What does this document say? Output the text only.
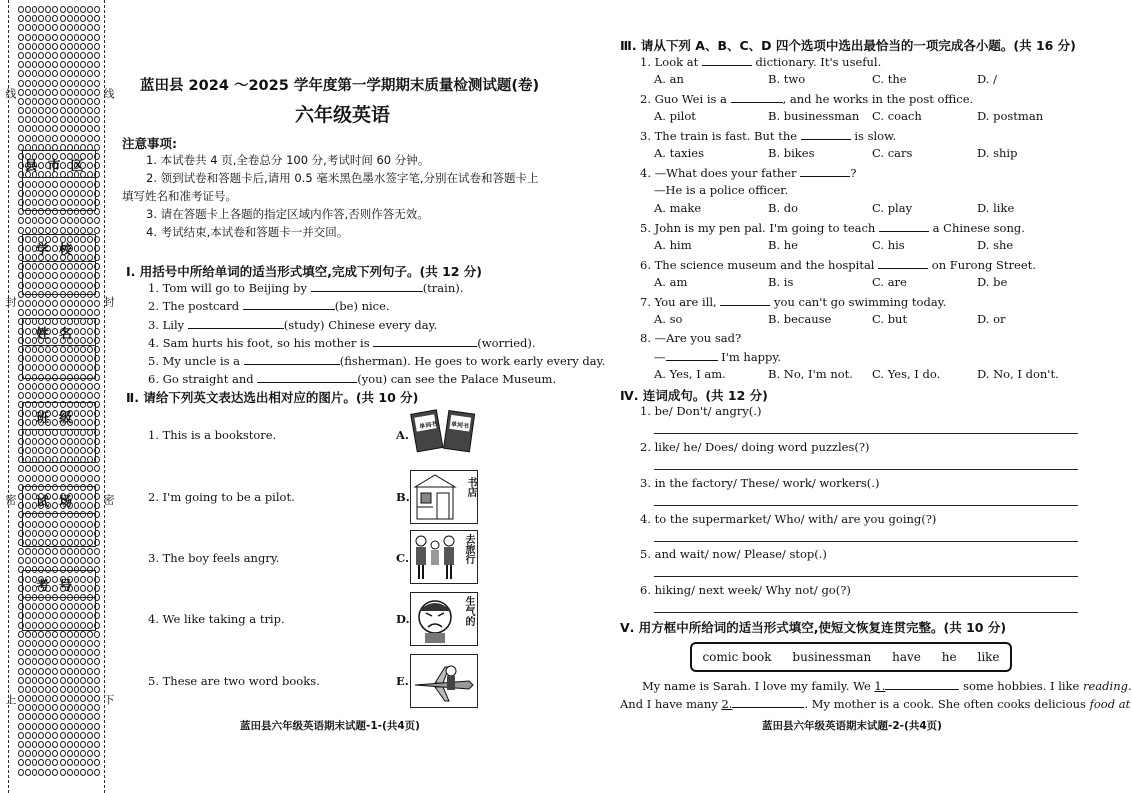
线
封
密
上
线
封
密
下
县市区
学校
姓名
班级
试场
考号
蓝田县 2024 ～2025 学年度第一学期期末质量检测试题(卷)
六年级英语
注意事项:
1. 本试卷共 4 页,全卷总分 100 分,考试时间 60 分钟。
2. 领到试卷和答题卡后,请用 0.5 毫米黑色墨水签字笔,分别在试卷和答题卡上
填写姓名和准考证号。
3. 请在答题卡上各题的指定区域内作答,否则作答无效。
4. 考试结束,本试卷和答题卡一并交回。
Ⅰ. 用括号中所给单词的适当形式填空,完成下列句子。(共 12 分)
1. Tom will go to Beijing by	(train).
2. The postcard	(be) nice.
3. Lily	(study) Chinese every day.
4. Sam hurts his foot, so his mother is	(worried).
5. My uncle is a	(fisherman). He goes to work early every day.
6. Go straight and	(you) can see the Palace Museum.
Ⅱ. 请给下列英文表达选出相对应的图片。(共 10 分)
1. This is a bookstore.
2. I'm going to be a pilot.
3. The boy feels angry.
4. We like taking a trip.
5. These are two word books.
A.
B.
C.
D.
E.
单词书 单词书
书店
去旅行
生气的
蓝田县六年级英语期末试题-1-(共4页)
Ⅲ. 请从下列 A、B、C、D 四个选项中选出最恰当的一项完成各小题。(共 16 分)
1. Look at	dictionary. It's useful.
A. an	B. two	C. the	D. /
2. Guo Wei is a	, and he works in the post office.
A. pilot	B. businessman C. coach	D. postman
3. The train is fast. But the	is slow.
A. taxies	B. bikes	C. cars	D. ship
4. —What does your father	?
—He is a police officer.
A. make	B. do	C. play	D. like
5. John is my pen pal. I'm going to teach	a Chinese song.
A. him	B. he	C. his	D. she
6. The science museum and the hospital	on Furong Street.
A. am	B. is	C. are	D. be
7. You are ill,	you can't go swimming today.
A. so	B. because	C. but	D. or
8. —Are you sad?
—	I'm happy.
A. Yes, I am.	B. No, I'm not. C. Yes, I do.	D. No, I don't.
Ⅳ. 连词成句。(共 12 分)
1. be/ Don't/ angry(.)
2. like/ he/ Does/ doing word puzzles(?)
3. in the factory/ These/ work/ workers(.)
4. to the supermarket/ Who/ with/ are you going(?)
5. and wait/ now/ Please/ stop(.)
6. hiking/ next week/ Why not/ go(?)
Ⅴ. 用方框中所给词的适当形式填空,使短文恢复连贯完整。(共 10 分)
comic book businessman have he like
My name is Sarah. I love my family. We 1.	some hobbies. I like reading.
And I have many 2.	. My mother is a cook. She often cooks delicious food at
蓝田县六年级英语期末试题-2-(共4页)
